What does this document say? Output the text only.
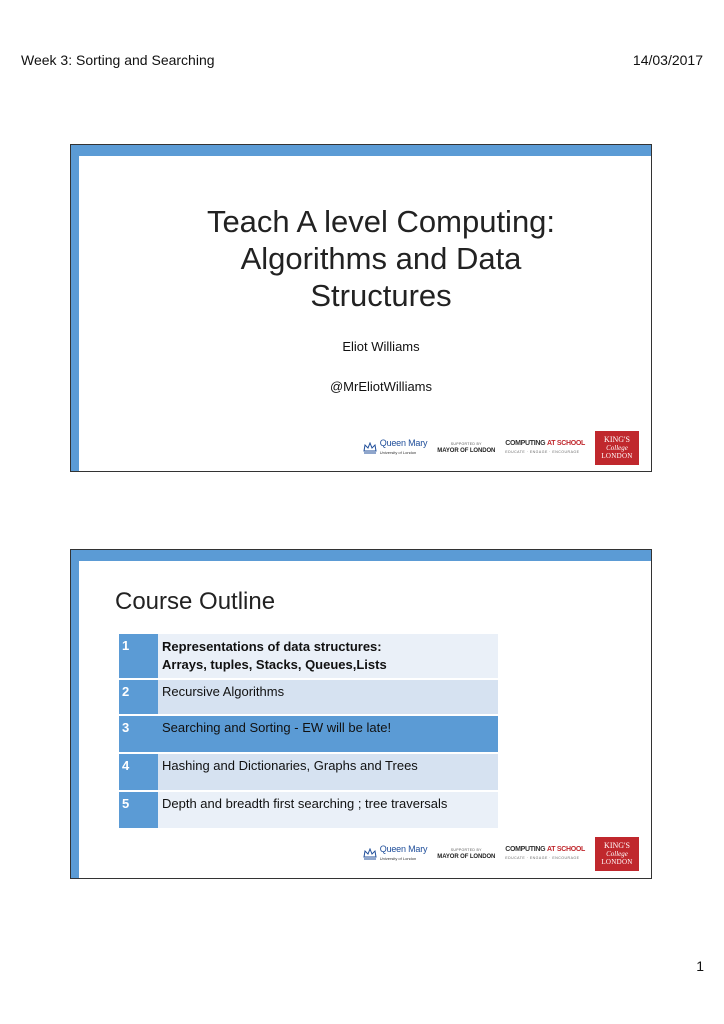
Week 3: Sorting and Searching	14/03/2017
Teach A level Computing:
Algorithms and Data
Structures
Eliot Williams
@MrEliotWilliams
Queen Mary
University of London
SUPPORTED BY
MAYOR OF LONDON
COMPUTING AT SCHOOL
EDUCATE · ENGAGE · ENCOURAGE
KING'S
College
LONDON
Course Outline
1	Representations of data structures:
Arrays, tuples, Stacks, Queues,Lists

2	Recursive Algorithms
3	Searching and Sorting - EW will be late!
4	Hashing and Dictionaries, Graphs and Trees
5	Depth and breadth first searching ; tree traversals
Queen Mary
University of London
SUPPORTED BY
MAYOR OF LONDON
COMPUTING AT SCHOOL
EDUCATE · ENGAGE · ENCOURAGE
KING'S
College
LONDON
1
